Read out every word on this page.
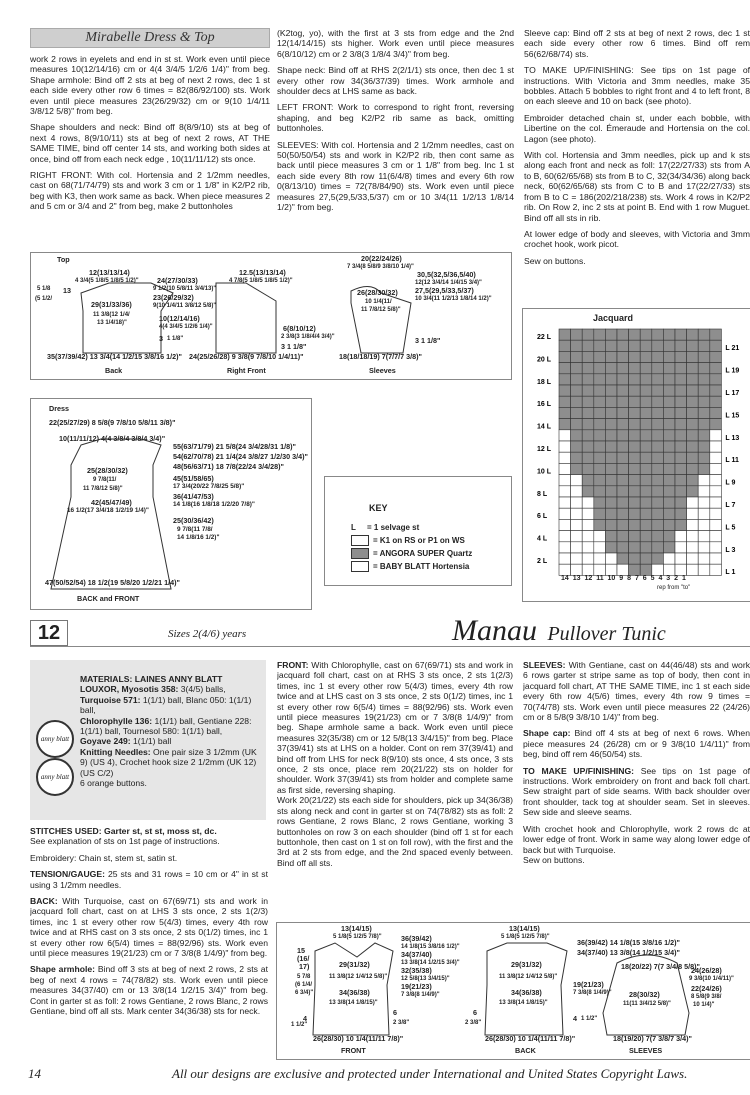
Mirabelle Dress & Top

work 2 rows in eyelets and end in st st. Work even until piece measures 10(12/14/16) cm or 4(4 3/4/5 1/2/6 1/4)" from beg. Shape armhole: Bind off 2 sts at beg of next 2 rows, dec 1 st each side every other row 6 times = 82(86/92/100) sts. Work even until piece measures 23(26/29/32) cm or 9(10 1/4/11 3/8/12 5/8)" from beg.

Shape shoulders and neck: Bind off 8(8/9/10) sts at beg of next 4 rows, 8(9/10/11) sts at beg of next 2 rows, AT THE SAME TIME, bind off center 14 sts, and working both sides at once, bind off from each neck edge , 10(11/11/12) sts once.

RIGHT FRONT: With col. Hortensia and 2 1/2mm needles, cast on 68(71/74/79) sts and work 3 cm or 1 1/8" in K2/P2 rib, beg with K3, then work same as back. When piece measures 2 and 5 cm or 3/4 and 2" from beg, make 2 buttonholes

(K2tog, yo), with the first at 3 sts from edge and the 2nd 12(14/14/15) sts higher. Work even until piece measures 6(8/10/12) cm or 2 3/8(3 1/8/4 3/4)" from beg.

Shape neck: Bind off at RHS 2(2/1/1) sts once, then dec 1 st every other row 34(36/37/39) times. Work armhole and shoulder decs at LHS same as back.

LEFT FRONT: Work to correspond to right front, reversing shaping, and beg K2/P2 rib same as back, omitting buttonholes.

SLEEVES: With col. Hortensia and 2 1/2mm needles, cast on 50(50/50/54) sts and work in K2/P2 rib, then cont same as back until piece measures 3 cm or 1 1/8" from beg. Inc 1 st each side every 8th row 11(6/4/8) times and every 6th row 0(8/13/10) times = 72(78/84/90) sts. Work even until piece measures 27,5(29,5/33,5/37) cm or 10 3/4(11 1/2/13 1/8/14 1/2)" from beg.

Sleeve cap: Bind off 2 sts at beg of next 2 rows, dec 1 st each side every other row 6 times. Bind off rem 56(62/68/74) sts.

TO MAKE UP/FINISHING: See tips on 1st page of instructions. With Victoria and 3mm needles, make 35 bobbles. Attach 5 bobbles to right front and 4 to left front, 8 on each sleeve and 10 on back (see photo).

Embroider detached chain st, under each bobble, with Libertine on the col. Émeraude and Hortensia on the col. Lagon (see photo).

With col. Hortensia and 3mm needles, pick up and k sts along each front and neck as foll: 17(22/27/33) sts from A to B, 60(62/65/68) sts from B to C, 32(34/34/36) along back neck, 60(62/65/68) sts from C to B and 17(22/27/33) sts from B to C = 186(202/218/238) sts. Work 4 rows in K2/P2 rib. On Row 2, inc 2 sts at point B. End with 1 row Muguet. Bind off all sts in rib.

At lower edge of body and sleeves, with Victoria and 3mm crochet hook, work picot.

Sew on buttons.

Top
12(13/13/14)
4 3/4(5 1/8/5 1/8/5 1/2)"
13
(5 1/2/
5 1/8
29(31/33/36)
11 3/8(12 1/4/
13 1/4/18)"
24(27/30/33)
9 1/2(10 5/8/11 3/4/13)"
23(26/29/32)
9(10 1/4/11 3/8/12 5/8)"
10(12/14/16)
4(4 3/4/5 1/2/6 1/4)"
3 1 1/8"
35(37/39/42) 13 3/4(14 1/2/15 3/8/16 1/2)" 24(25/26/28) 9 3/8(9 7/8/10 1/4/11)"
12.5(13/13/14)
4 7/8(5 1/8/5 1/8/5 1/2)"
Back	Right Front
20(22/24/26)
7 3/4(8 5/8/9 3/8/10 1/4)"
26(28/30/32)
10 1/4(11/
11 7/8/12 5/8)"
30,5(32,5/36,5/40)
12(12 3/4/14 1/4/15 3/4)"
27,5(29,5/33,5/37)
10 3/4(11 1/2/13 1/8/14 1/2)"
18(18/18/19) 7(7/7/7 3/8)"
Sleeves
3 1 1/8"
6(8/10/12)
2 3/8(3 1/8/4/4 3/4)"
3 1 1/8"
Dress
22(25/27/29) 8 5/8(9 7/8/10 5/8/11 3/8)"
10(11/11/12) 4(4 3/8/4 3/8/4 3/4)"
55(63/71/79) 21 5/8(24 3/4/28/31 1/8)"
54(62/70/78) 21 1/4(24 3/8/27 1/2/30 3/4)"
48(56/63/71) 18 7/8(22/24 3/4/28)"
45(51/58/65)
17 3/4(20/22 7/8/25 5/8)"
36(41/47/53)
14 1/8(16 1/8/18 1/2/20 7/8)"
25(28/30/32)
9 7/8(11/
11 7/8/12 5/8)"
42(45/47/49)
16 1/2(17 3/4/18 1/2/19 1/4)"
25(30/36/42)
9 7/8(11 7/8/
14 1/8/16 1/2)"
47(50/52/54) 18 1/2(19 5/8/20 1/2/21 1/4)"
BACK and FRONT
KEY
L	= 1 selvage st
= K1 on RS or P1 on WS
= ANGORA SUPER Quartz
= BABY BLATT Hortensia
Jacquard
22 L
20 L
18 L
16 L
14 L
12 L
10 L
8 L
6 L
4 L
2 L
L 21
L 19
L 17
L 15
L 13
L 11
L 9
L 7
L 5
L 3
L 1
14 13 12 11 10 9 8 7 6 5 4 3 2 1
rep from "to"
12	Sizes 2(4/6) years	Manau Pullover Tunic
anny blatt
anny blatt
MATERIALS: LAINES ANNY BLATT
LOUXOR, Myosotis 358: 3(4/5) balls,
Turquoise 571: 1(1/1) ball, Blanc 050: 1(1/1) ball,
Chlorophylle 136: 1(1/1) ball, Gentiane 228: 1(1/1) ball, Tournesol 580: 1(1/1) ball,
Goyave 249: 1(1/1) ball
Knitting Needles: One pair size 3 1/2mm (UK 9) (US 4), Crochet hook size 2 1/2mm (UK 12) (US C/2)
6 orange buttons.

STITCHES USED: Garter st, st st, moss st, dc.
See explanation of sts on 1st page of instructions.

Embroidery: Chain st, stem st, satin st.

TENSION/GAUGE: 25 sts and 31 rows = 10 cm or 4" in st st using 3 1/2mm needles.

BACK: With Turquoise, cast on 67(69/71) sts and work in jacquard foll chart, cast on at LHS 3 sts once, 2 sts 1(2/3) times, inc 1 st every other row 5(4/3) times, every 4th row twice and at RHS cast on 3 sts once, 2 sts 0(1/2) times, inc 1 st every other row 6(5/4) times = 88(92/96) sts. Work even until piece measures 19(21/23) cm or 7 3/8(8 1/4/9)" from beg.

Shape armhole: Bind off 3 sts at beg of next 2 rows, 2 sts at beg of next 4 rows = 74(78/82) sts. Work even until piece measures 34(37/40) cm or 13 3/8(14 1/2/15 3/4)" from beg. Cont in garter st as foll: 2 rows Gentiane, 2 rows Blanc, 2 rows Gentiane, bind off all sts. Mark center 34(36/38) sts for neck.

FRONT: With Chlorophylle, cast on 67(69/71) sts and work in jacquard foll chart, cast on at RHS 3 sts once, 2 sts 1(2/3) times, inc 1 st every other row 5(4/3) times, every 4th row twice and at LHS cast on 3 sts once, 2 sts 0(1/2) times, inc 1 st every other row 6(5/4) times = 88(92/96) sts. Work even until piece measures 19(21/23) cm or 7 3/8(8 1/4/9)" from beg. Shape armhole same a back. Work even until piece measures 32(35/38) cm or 12 5/8(13 3/4/15)" from beg. Place 37(39/41) sts at LHS on a holder. Cont on rem 37(39/41) and bind off from LHS for neck 8(9/10) sts once, 4 sts once, 3 sts once, 2 sts once, place rem 20(21/22) sts on holder for shoulder. Work 37(39/41) sts from holder and complete same as first side, reversing shaping.

Work 20(21/22) sts each side for shoulders, pick up 34(36/38) sts along neck and cont in garter st on 74(78/82) sts as foll: 2 rows Gentiane, 2 rows Blanc, 2 rows Gentiane, working 3 buttonholes on row 3 on each shoulder (bind off 1 st for each buttonhole, then cast on 1 st on foll row), with the first and the 3rd at 2 sts from edge, and the 2nd spaced evenly between. Bind off all sts.

SLEEVES: With Gentiane, cast on 44(46/48) sts and work 6 rows garter st stripe same as top of body, then cont in jacquard foll chart, AT THE SAME TIME, inc 1 st each side every 6th row 4(5/6) times, every 4th row 9 times = 70(74/78) sts. Work even until piece measures 22 (24/26) cm or 8 5/8(9 3/8/10 1/4)" from beg.

Shape cap: Bind off 4 sts at beg of next 6 rows. When piece measures 24 (26/28) cm or 9 3/8(10 1/4/11)" from beg, bind off rem 46(50/54) sts.

TO MAKE UP/FINISHING: See tips on 1st page of instructions. Work embroidery on front and back foll chart. Sew straight part of side seams. With back shoulder over front shoulder, tack tog at shoulder seam. Set in sleeves. Sew side and sleeve seams.

With crochet hook and Chlorophylle, work 2 rows dc at lower edge of front. Work in same way along lower edge of back but with Turquoise.

Sew on buttons.

13(14/15)
5 1/8(5 1/2/5 7/8)"
15
(16/
17)
5 7/8
(6 1/4/
6 3/4)"
29(31/32)
11 3/8(12 1/4/12 5/8)"
34(36/38)
13 3/8(14 1/8/15)"
26(28/30) 10 1/4(11/11 7/8)"
1 1/2"
4
6
2 3/8"
FRONT
36(39/42)
14 1/8(15 3/8/16 1/2)"
34(37/40)
13 3/8(14 1/2/15 3/4)"
32(35/38)
12 5/8(13 3/4/15)"
19(21/23)
7 3/8(8 1/4/9)"
13(14/15)
5 1/8(5 1/2/5 7/8)"
29(31/32)
11 3/8(12 1/4/12 5/8)"
34(36/38)
13 3/8(14 1/8/15)"
26(28/30) 10 1/4(11/11 7/8)"
19(21/23)
7 3/8(8 1/4/9)"
4 1 1/2"
6
2 3/8"
BACK
36(39/42) 14 1/8(15 3/8/16 1/2)"
34(37/40) 13 3/8(14 1/2/15 3/4)"
18(20/22) 7(7 3/4/8 5/8)"
28(30/32)
11(11 3/4/12 5/8)"
24(26/28)
9 3/8(10 1/4/11)"
22(24/26)
8 5/8(9 3/8/
10 1/4)"
18(19/20) 7(7 3/8/7 3/4)"
SLEEVES
14	All our designs are exclusive and protected under International and United States Copyright Laws.
